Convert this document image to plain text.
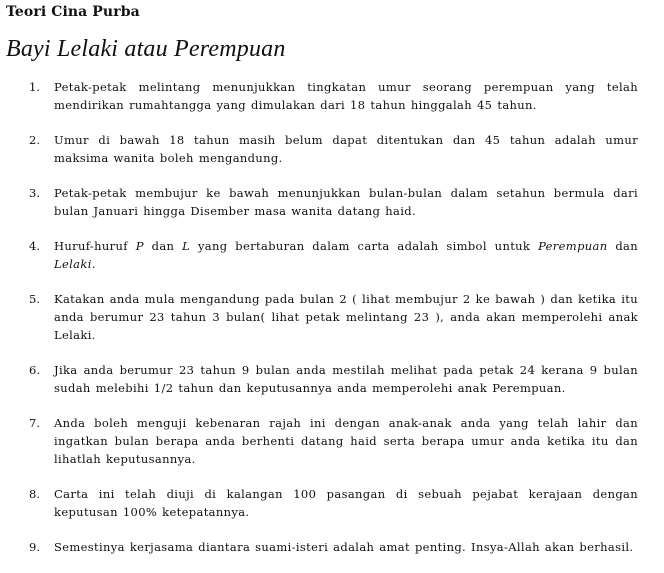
Teori Cina Purba
Bayi Lelaki atau Perempuan
1.	Petak-petak melintang menunjukkan tingkatan umur seorang perempuan yang telah mendirikan rumahtangga yang dimulakan dari 18 tahun hinggalah 45 tahun.
2.	Umur di bawah 18 tahun masih belum dapat ditentukan dan 45 tahun adalah umur maksima wanita boleh mengandung.
3.	Petak-petak membujur ke bawah menunjukkan bulan-bulan dalam setahun bermula dari bulan Januari hingga Disember masa wanita datang haid.
4.	Huruf-huruf P dan L yang bertaburan dalam carta adalah simbol untuk Perempuan dan Lelaki.
5.	Katakan anda mula mengandung pada bulan 2 ( lihat membujur 2 ke bawah ) dan ketika itu anda berumur 23 tahun 3 bulan( lihat petak melintang 23 ), anda akan memperolehi anak Lelaki.
6.	Jika anda berumur 23 tahun 9 bulan anda mestilah melihat pada petak 24 kerana 9 bulan sudah melebihi 1/2 tahun dan keputusannya anda memperolehi anak Perempuan.
7.	Anda boleh menguji kebenaran rajah ini dengan anak-anak anda yang telah lahir dan ingatkan bulan berapa anda berhenti datang haid serta berapa umur anda ketika itu dan lihatlah keputusannya.
8.	Carta ini telah diuji di kalangan 100 pasangan di sebuah pejabat kerajaan dengan keputusan 100% ketepatannya.
9.	Semestinya kerjasama diantara suami-isteri adalah amat penting. Insya-Allah akan berhasil.
